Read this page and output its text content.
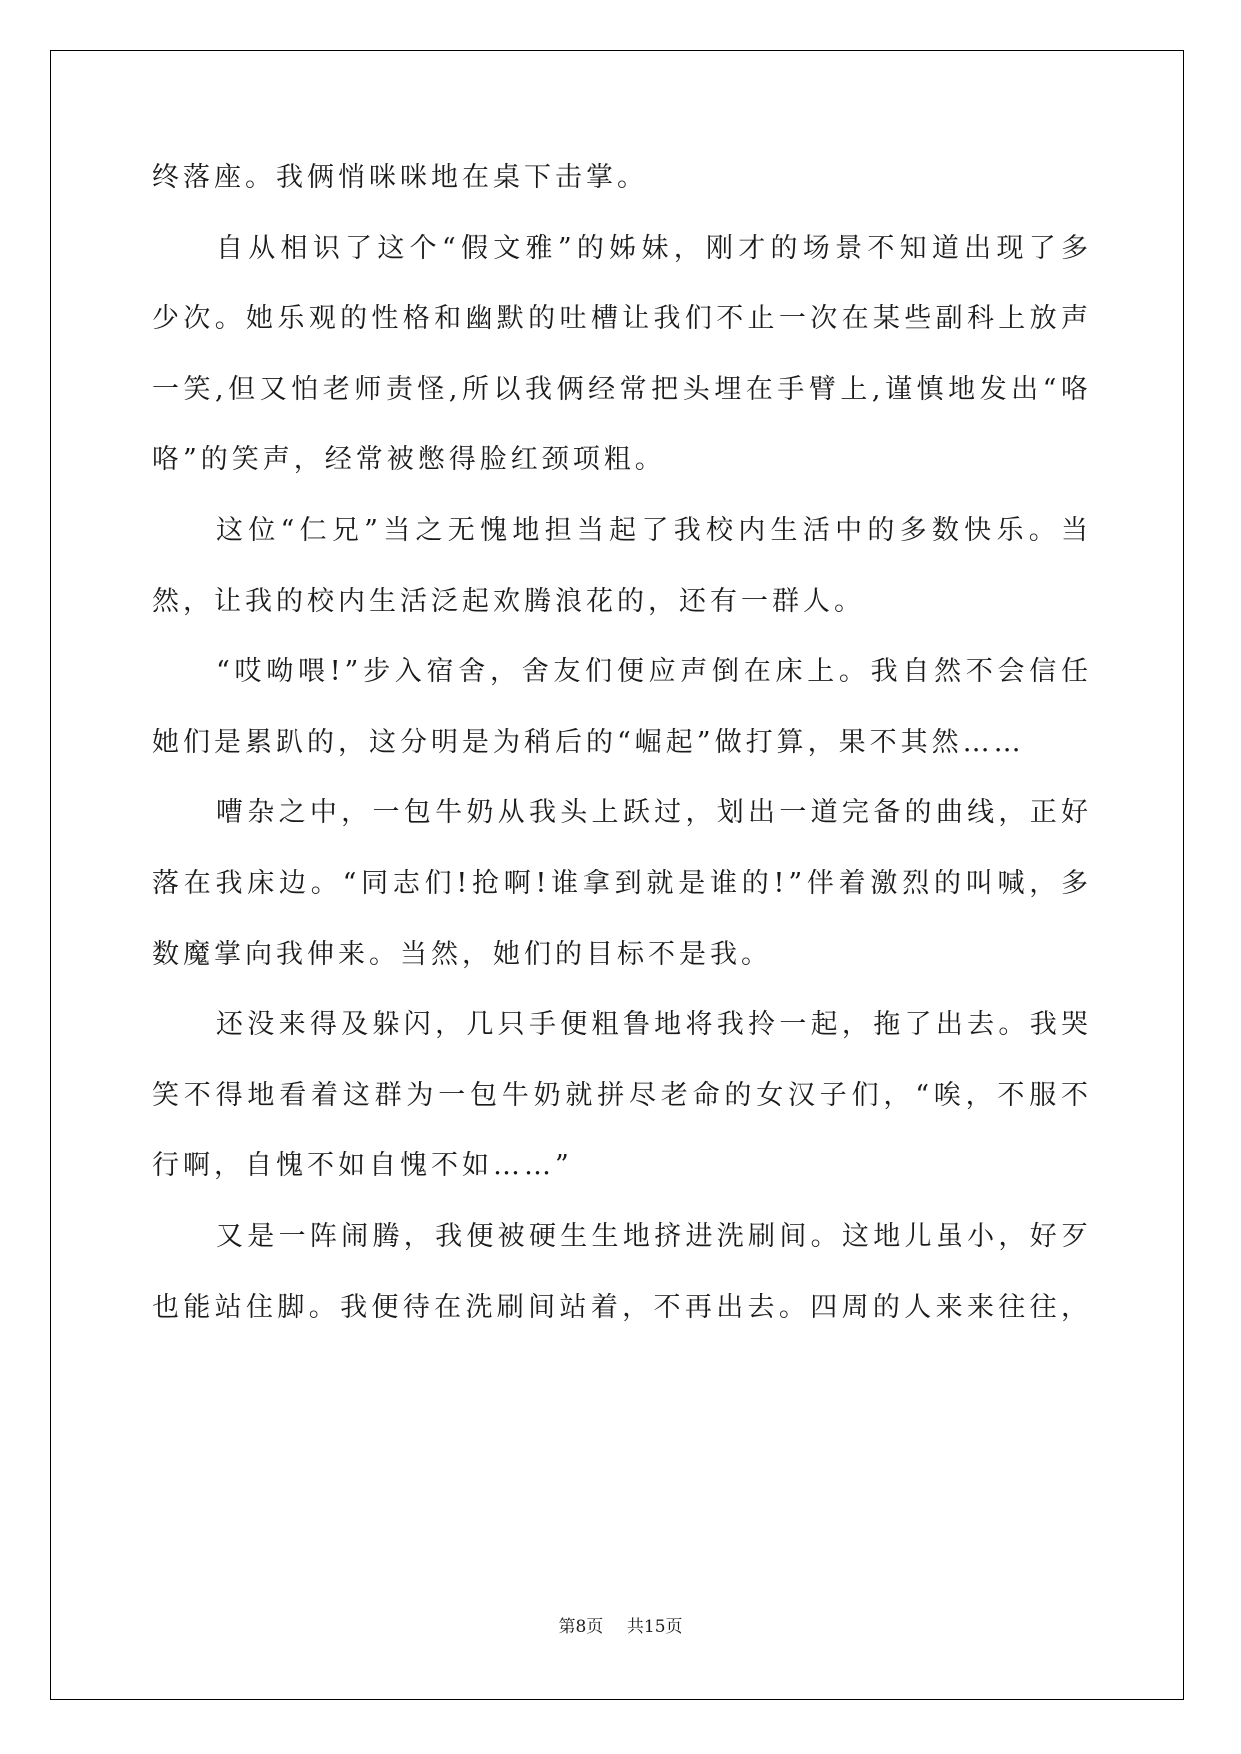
终落座。我俩悄咪咪地在桌下击掌。
自从相识了这个“假文雅”的姊妹，刚才的场景不知道出现了多
少次。她乐观的性格和幽默的吐槽让我们不止一次在某些副科上放声
一笑,但又怕老师责怪,所以我俩经常把头埋在手臂上,谨慎地发出“咯
咯”的笑声，经常被憋得脸红颈项粗。
这位“仁兄”当之无愧地担当起了我校内生活中的多数快乐。当
然，让我的校内生活泛起欢腾浪花的，还有一群人。
“哎呦喂!”步入宿舍，舍友们便应声倒在床上。我自然不会信任
她们是累趴的，这分明是为稍后的“崛起”做打算，果不其然……
嘈杂之中，一包牛奶从我头上跃过，划出一道完备的曲线，正好
落在我床边。“同志们!抢啊!谁拿到就是谁的!”伴着激烈的叫喊，多
数魔掌向我伸来。当然，她们的目标不是我。
还没来得及躲闪，几只手便粗鲁地将我拎一起，拖了出去。我哭
笑不得地看着这群为一包牛奶就拼尽老命的女汉子们，“唉，不服不
行啊，自愧不如自愧不如……”
又是一阵闹腾，我便被硬生生地挤进洗刷间。这地儿虽小，好歹
也能站住脚。我便待在洗刷间站着，不再出去。四周的人来来往往，
第8页 共15页
